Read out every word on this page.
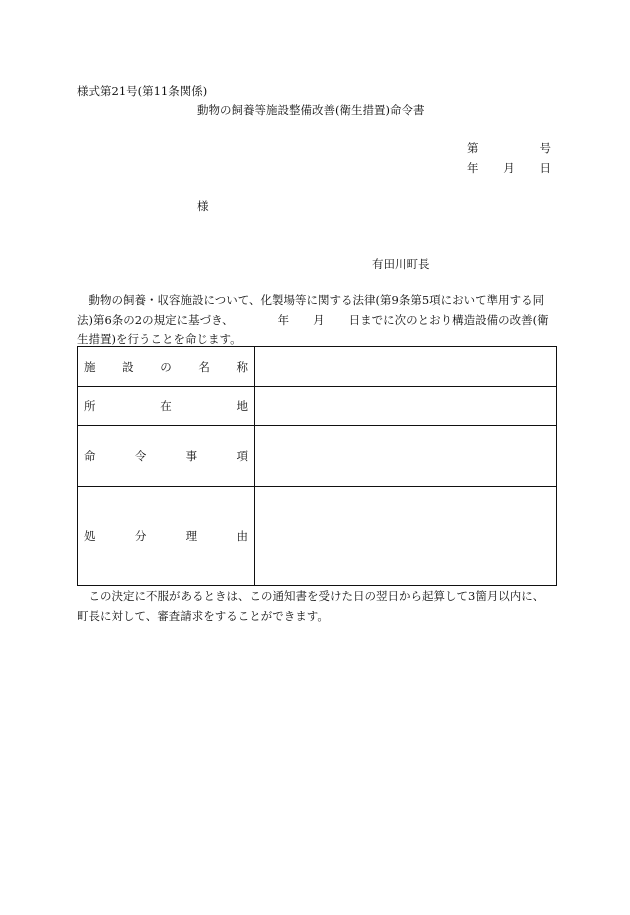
様式第21号(第11条関係)
動物の飼養等施設整備改善(衛生措置)命令書
第	号
年 月 日
様
有田川町長
動物の飼養・収容施設について、化製場等に関する法律(第9条第5項において準用する同法)第6条の2の規定に基づき、	年 月 日までに次のとおり構造設備の改善(衛生措置)を行うことを命じます。
施 設 の 名 称	

所 在 地	

命 令 事 項	

処 分 理 由	

この決定に不服があるときは、この通知書を受けた日の翌日から起算して3箇月以内に、町長に対して、審査請求をすることができます。
